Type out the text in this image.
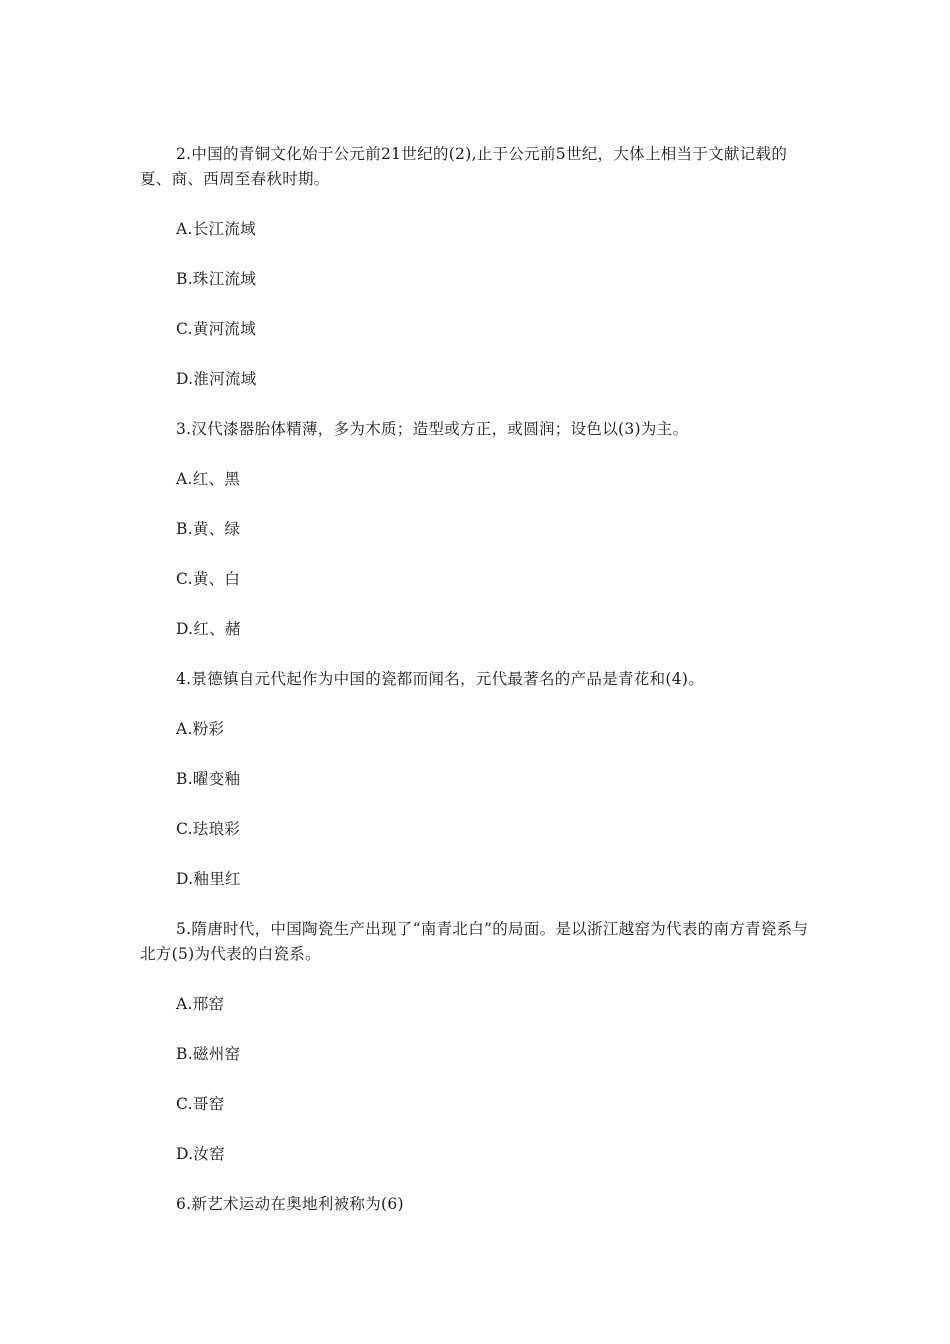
2.中国的青铜文化始于公元前21世纪的(2),止于公元前5世纪，大体上相当于文献记载的夏、商、西周至春秋时期。

A.长江流域

B.珠江流域

C.黄河流域

D.淮河流域

3.汉代漆器胎体精薄，多为木质；造型或方正，或圆润；设色以(3)为主。

A.红、黑

B.黄、绿

C.黄、白

D.红、赭

4.景德镇自元代起作为中国的瓷都而闻名，元代最著名的产品是青花和(4)。

A.粉彩

B.曜变釉

C.珐琅彩

D.釉里红

5.隋唐时代，中国陶瓷生产出现了“南青北白”的局面。是以浙江越窑为代表的南方青瓷系与北方(5)为代表的白瓷系。

A.邢窑

B.磁州窑

C.哥窑

D.汝窑

6.新艺术运动在奥地利被称为(6)
